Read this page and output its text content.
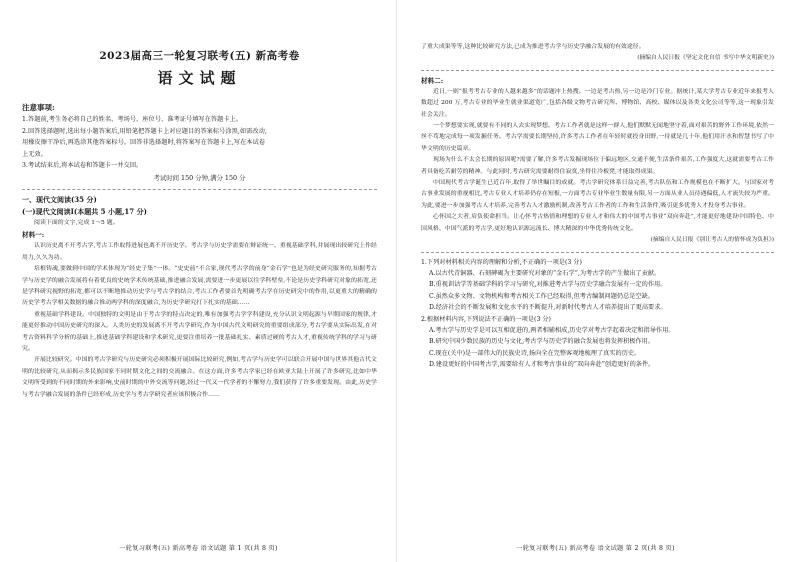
2023届高三一轮复习联考(五) 新高考卷

语文试题

注意事项:

1.答题前,考生务必将自己的姓名、考场号、座位号、准考证号填写在答题卡上。

2.回答选择题时,选出每小题答案后,用铅笔把答题卡上对应题目的答案标号涂黑,如需改动,

用橡皮擦干净后,再选涂其他答案标号。回答非选择题时,将答案写在答题卡上,写在本试卷

上无效。

3.考试结束后,将本试卷和答题卡一并交回。

考试时间 150 分钟,满分 150 分

一、现代文阅读(35 分)

(一)现代文阅读Ⅰ(本题共 5 小题,17 分)

阅读下面的文字,完成 1～5 题。

材料一:

认识历史离不开考古学,考古工作取得进展也离不开历史学。考古学与历史学需要在辩证统一、重视基础学科,并展现出较研究上作经用力,久久为功。

培根铸魂,要做到中国的学术体现为“经史子集”一体。“史史前”不合家,现代考古学的前身“金石学”也是为经史研究服务的,知据考古学与历史学的融合发展将有着优良的史统学术传统基础,推进融合发展,需要进一步更展以往学科壁垒,不论是历史学科研究对象的拓宽,还是学科研究视野的拓宽,都可以不断地推动历史学与考古学的结合,考古工作者要首先明确考古学在历史研究中的作用,以更重大的精确的历史学考古学相关数据的融合推动两学科的深度融合,为历史学研究打下扎实的基础……

重视基础学科建设。中国独特的文明是由于考古学的特点决定的,唯有加强考古学学科建设,充分认识文明起源与早期国家的规律,才能更好推动中国历史研究的深入。人类历史的发展离不开考古学研究,作为中国古代文明研究的重要组成部分,考古学要从实际出发,在对考古资料科学分析的基础上,推进基础学科建设和学术研究,更要注重培养一批基础扎实、素质过硬的考古人才,重视传统学科的学习与研究。

开展比较研究。中国的考古学研究与历史研究必须积极开展国际比较研究,例如,考古学与历史学可以联合开展中国与世界其他古代文明的比较研究,从而揭示多民族国家不同时期文化之间的交流融合。在这方面,许多考古学家已经在欧亚大陆上开展了许多研究,比如中华文明所受到的不同时期的外来影响,史前时期的中外交流等问题,经过一代又一代学者的不懈努力,我们获得了许多重要发现。由此,历史学与考古学融合发展的条件已经形成,历史学与考古学研究者应该积极合作……

一轮复习联考(五) 新高考卷 语文试题 第 1 页(共 8 页)

了重大成果等等,这种比较研究方法,已成为推进考古学与历史学融合发展的有效途径。

(摘编自人民日报《坚定文化自信 书写中华文明新史》)

材料二:

近日,一则“报考考古专业的人越来越多”的话题冲上热搜。一边是考古热,另一边是冷门专业。据统计,某大学考古专业近年来报考人数超过 200 万,考古专业的毕业生就业渠道宽广,包括各级文物考古研究所、博物馆、高校、媒体以及各类文化公司等等,这一现象引发社会关注。

一个梦想要实现,就要有不同的人去实现梦想。考古工作者就是这样一群人,他们默默无闻地坚守着,面对艰苦的野外工作环境,依然一丝不苟地完成每一项发掘任务。考古学需要长期坚持,许多考古工作者在年轻时就投身田野,一待就是几十年,他们用汗水和智慧书写了中华文明的历史篇章。

现场为什么不太会长期的原因呢?需要了解,许多考古发掘现场位于偏远地区,交通不便,生活条件艰苦,工作强度大,这就需要考古工作者具备吃苦耐劳的精神。与此同时,考古研究需要耐得住寂寞,坐得住冷板凳,才能取得成果。

中国现代考古学诞生已近百年,取得了举世瞩目的成就。考古学研究体系日益完善,考古队伍和工作规模也在不断扩大。与国家对考古事业发展的重视相比,考古专业人才培养仍存在短板,一方面考古专业毕业生数量有限,另一方面从业人员待遇偏低,人才流失较为严重。为此,要进一步加强考古人才培养,完善考古人才激励机制,改善考古工作者的工作和生活条件,吸引更多优秀人才投身考古事业。

心怀国之大者,肩负使命担当。让心怀考古热情和理想的专业人才和伟大的中国考古事业“双向奔赴”,才能更好地建设中国特色、中国风格、中国气派的考古学,更好地认识源远流长、博大精深的中华优秀传统文化。

(摘编自人民日报《别让考古人的情怀成为负担》)

1.下列对材料相关内容的理解和分析,不正确的一项是(3 分)

A.以古代青铜器、石刻碑碣为主要研究对象的“金石学”,为考古学的产生做出了贡献。

B.重视训诂学等基础学科的学习与研究,对推进考古学与历史学融合发展有一定的作用。

C.虽然众多文物、文物机构和考古相关工作已经取得,但考古编制问题仍总是空缺。

D.经济社会的不断发展和文化水平的不断提升,对新时代考古人才培养提出了更高要求。

2.根据材料内容,下列说法不正确的一项是(3 分)

A.考古学与历史学是可以互相促进的,两者相辅相成,历史学对考古学起着决定和指导作用。

B.研究中国少数民族的历史与文化,考古学与历史学的融合发展也将发挥积极作用。

C.现在(关中)是一部伟大的民族史诗,扬向全在完整客观地梳理了真实的历史。

D.建设更好的中国考古学,需要给有人才和考古事业的“双向奔赴”创造更好的条件。

一轮复习联考(五) 新高考卷 语文试题 第 2 页(共 8 页)
